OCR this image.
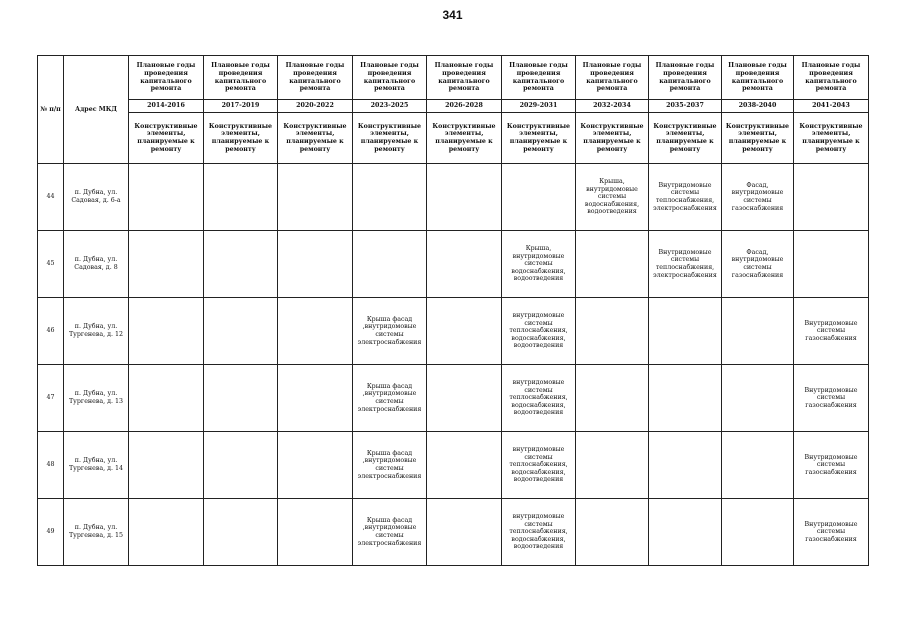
341
№ п/п	Адрес МКД	Плановые годы проведения капитального ремонта	Плановые годы проведения капитального ремонта	Плановые годы проведения капитального ремонта	Плановые годы проведения капитального ремонта	Плановые годы проведения капитального ремонта	Плановые годы проведения капитального ремонта	Плановые годы проведения капитального ремонта	Плановые годы проведения капитального ремонта	Плановые годы проведения капитального ремонта	Плановые годы проведения капитального ремонта
		2014-2016	2017-2019	2020-2022	2023-2025	2026-2028	2029-2031	2032-2034	2035-2037	2038-2040	2041-2043
		Конструктивные элементы, планируемые к ремонту	Конструктивные элементы, планируемые к ремонту	Конструктивные элементы, планируемые к ремонту	Конструктивные элементы, планируемые к ремонту	Конструктивные элементы, планируемые к ремонту	Конструктивные элементы, планируемые к ремонту	Конструктивные элементы, планируемые к ремонту	Конструктивные элементы, планируемые к ремонту	Конструктивные элементы, планируемые к ремонту	Конструктивные элементы, планируемые к ремонту
44	п. Дубна, ул. Садовая, д. 6-а							Крыша, внутридомовые системы водоснабжения, водоотведения	Внутридомовые системы теплоснабжения, электроснабжения	Фасад, внутридомовые системы газоснабжения	
45	п. Дубна, ул. Садовая, д. 8						Крыша, внутридомовые системы водоснабжения, водоотведения		Внутридомовые системы теплоснабжения, электроснабжения	Фасад, внутридомовые системы газоснабжения	
46	п. Дубна, ул. Тургенева, д. 12				Крыша фасад ,внутридомовые системы электроснабжения		внутридомовые системы теплоснабжения, водоснабжения, водоотведения				Внутридомовые системы газоснабжения
47	п. Дубна, ул. Тургенева, д. 13				Крыша фасад ,внутридомовые системы электроснабжения		внутридомовые системы теплоснабжения, водоснабжения, водоотведения				Внутридомовые системы газоснабжения
48	п. Дубна, ул. Тургенева, д. 14				Крыша фасад ,внутридомовые системы электроснабжения		внутридомовые системы теплоснабжения, водоснабжения, водоотведения				Внутридомовые системы газоснабжения
49	п. Дубна, ул. Тургенева, д. 15				Крыша фасад ,внутридомовые системы электроснабжения		внутридомовые системы теплоснабжения, водоснабжения, водоотведения				Внутридомовые системы газоснабжения
